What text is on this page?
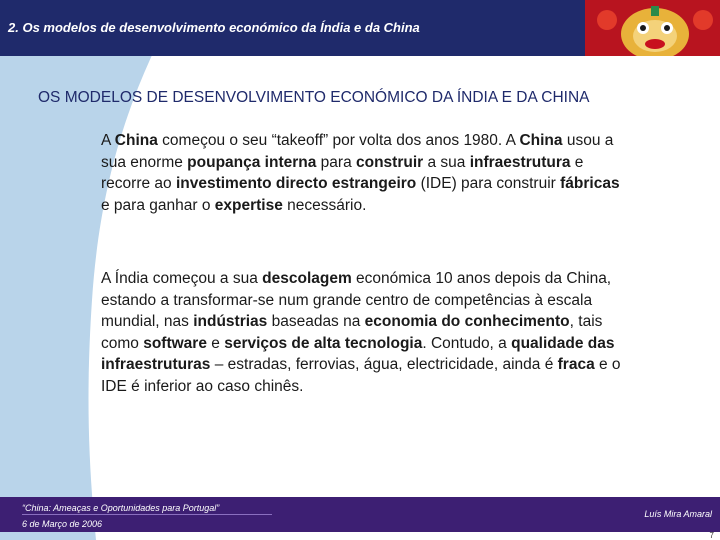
2. Os modelos de desenvolvimento económico da Índia e da China
OS MODELOS DE DESENVOLVIMENTO ECONÓMICO DA ÍNDIA E DA CHINA

A China começou o seu “takeoff” por volta dos anos 1980. A China usou a sua enorme poupança interna para construir a sua infraestrutura e recorre ao investimento directo estrangeiro (IDE) para construir fábricas e para ganhar o expertise necessário.

A Índia começou a sua descolagem económica 10 anos depois da China, estando a transformar-se num grande centro de competências à escala mundial, nas indústrias baseadas na economia do conhecimento, tais como software e serviços de alta tecnologia. Contudo, a qualidade das infraestruturas – estradas, ferrovias, água, electricidade, ainda é fraca e o IDE é inferior ao caso chinês.

“China: Ameaças e Oportunidades para Portugal”
6 de Março de 2006
Luís Mira Amaral
7
